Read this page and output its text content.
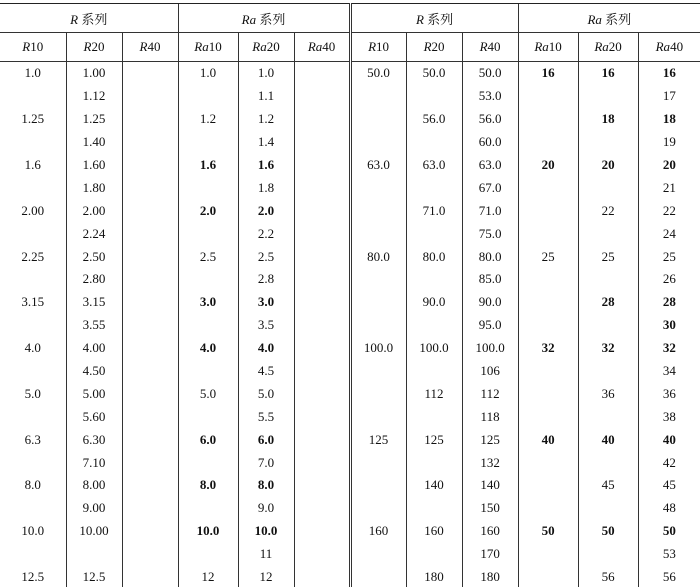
R 系列			Ra 系列			R 系列			Ra 系列		
R10	R20	R40	Ra10	Ra20	Ra40	R10	R20	R40	Ra10	Ra20	Ra40
1.0	1.00		1.0	1.0		50.0	50.0	50.0	16	16	16
	1.12			1.1				53.0			17
1.25	1.25		1.2	1.2			56.0	56.0		18	18
	1.40			1.4				60.0			19
1.6	1.60		1.6	1.6		63.0	63.0	63.0	20	20	20
	1.80			1.8				67.0			21
2.00	2.00		2.0	2.0			71.0	71.0		22	22
	2.24			2.2				75.0			24
2.25	2.50		2.5	2.5		80.0	80.0	80.0	25	25	25
	2.80			2.8				85.0			26
3.15	3.15		3.0	3.0			90.0	90.0		28	28
	3.55			3.5				95.0			30
4.0	4.00		4.0	4.0		100.0	100.0	100.0	32	32	32
	4.50			4.5				106			34
5.0	5.00		5.0	5.0			112	112		36	36
	5.60			5.5				118			38
6.3	6.30		6.0	6.0		125	125	125	40	40	40
	7.10			7.0				132			42
8.0	8.00		8.0	8.0			140	140		45	45
	9.00			9.0				150			48
10.0	10.00		10.0	10.0		160	160	160	50	50	50
				11				170			53
12.5	12.5		12	12			180	180		56	56
